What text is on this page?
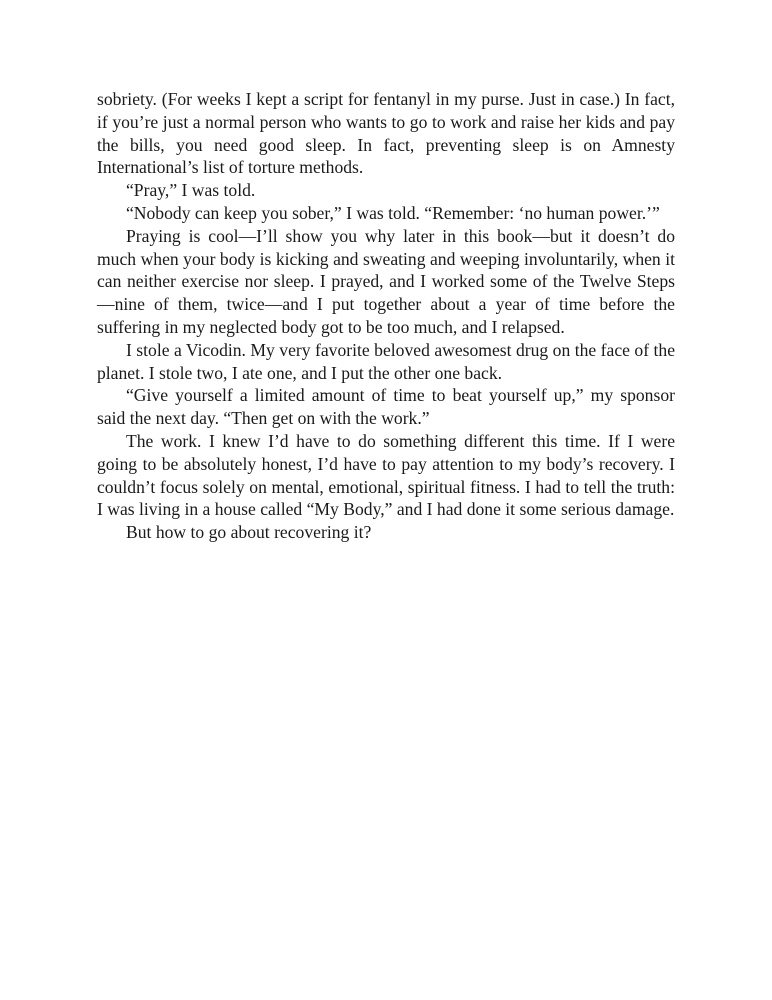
sobriety. (For weeks I kept a script for fentanyl in my purse. Just in case.) In fact, if you’re just a normal person who wants to go to work and raise her kids and pay the bills, you need good sleep. In fact, preventing sleep is on Amnesty International’s list of torture methods.

“Pray,” I was told.

“Nobody can keep you sober,” I was told. “Remember: ‘no human power.’”

Praying is cool—I’ll show you why later in this book—but it doesn’t do much when your body is kicking and sweating and weeping involuntarily, when it can neither exercise nor sleep. I prayed, and I worked some of the Twelve Steps—nine of them, twice—and I put together about a year of time before the suffering in my neglected body got to be too much, and I relapsed.

I stole a Vicodin. My very favorite beloved awesomest drug on the face of the planet. I stole two, I ate one, and I put the other one back.

“Give yourself a limited amount of time to beat yourself up,” my sponsor said the next day. “Then get on with the work.”

The work. I knew I’d have to do something different this time. If I were going to be absolutely honest, I’d have to pay attention to my body’s recovery. I couldn’t focus solely on mental, emotional, spiritual fitness. I had to tell the truth: I was living in a house called “My Body,” and I had done it some serious damage.

But how to go about recovering it?
